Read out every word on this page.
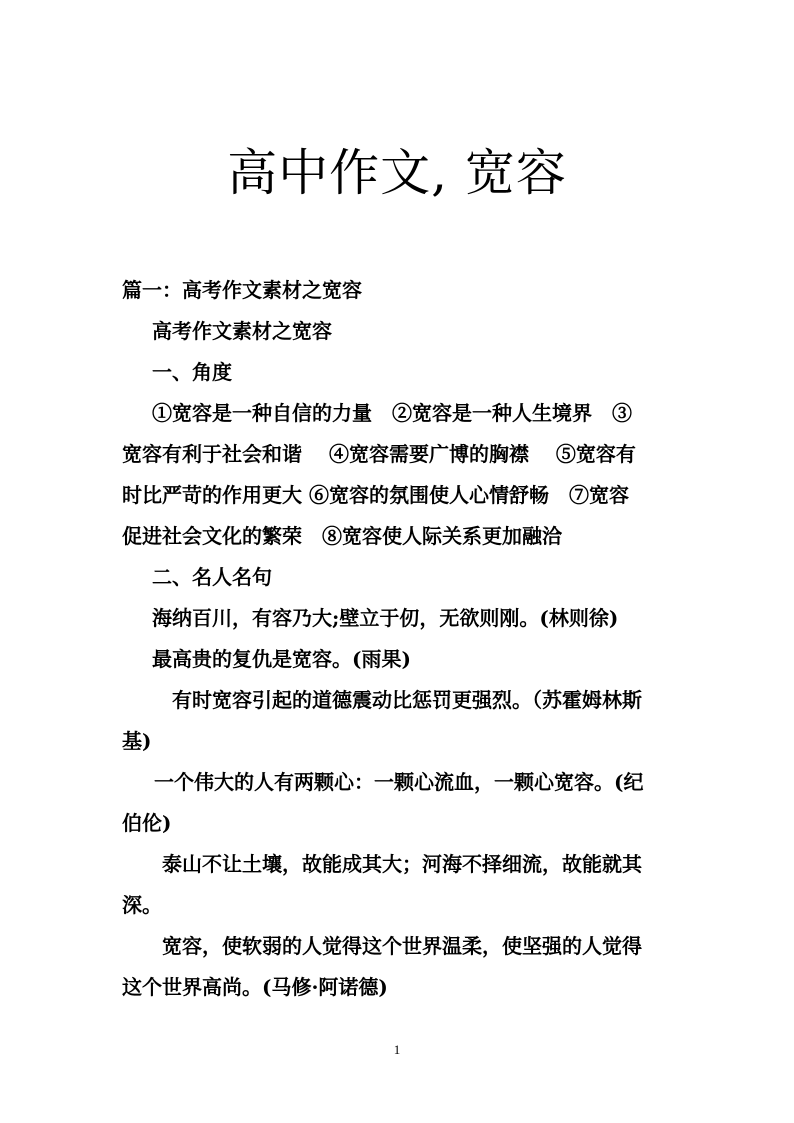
高中作文, 宽容
篇一：高考作文素材之宽容
高考作文素材之宽容
一、角度
①宽容是一种自信的力量　②宽容是一种人生境界　③
宽容有利于社会和谐　 ④宽容需要广博的胸襟　 ⑤宽容有
时比严苛的作用更大 ⑥宽容的氛围使人心情舒畅　⑦宽容
促进社会文化的繁荣　⑧宽容使人际关系更加融洽
二、名人名句
海纳百川，有容乃大;壁立于仞，无欲则刚。(林则徐)
最高贵的复仇是宽容。(雨果)
有时宽容引起的道德震动比惩罚更强烈。（苏霍姆林斯
基)
一个伟大的人有两颗心：一颗心流血，一颗心宽容。(纪
伯伦)
泰山不让土壤，故能成其大；河海不择细流，故能就其
深。
宽容，使软弱的人觉得这个世界温柔，使坚强的人觉得
这个世界高尚。(马修·阿诺德)
1
